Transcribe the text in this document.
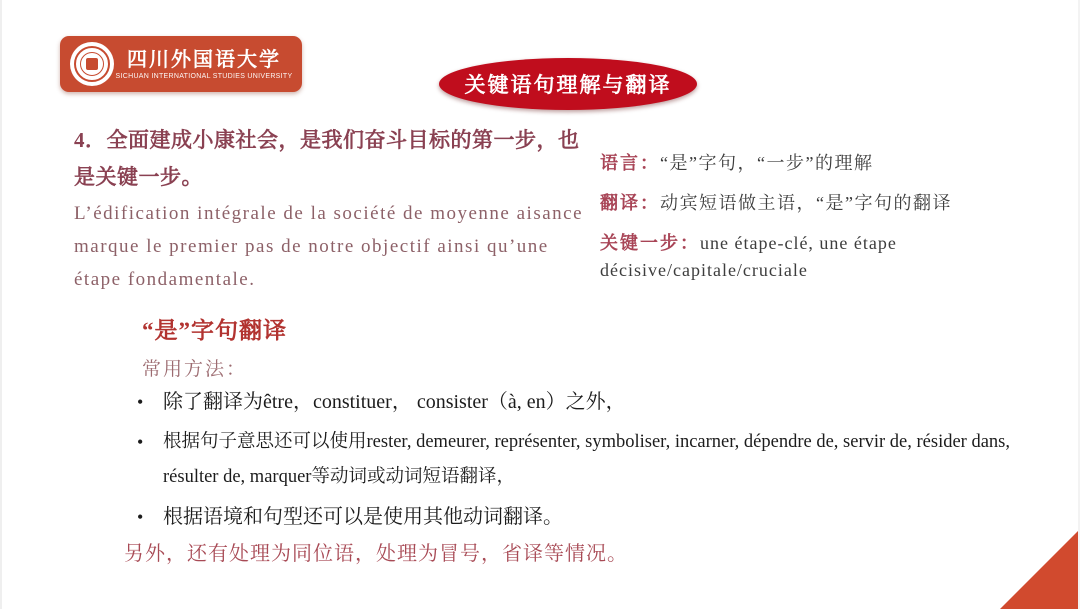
四川外国语大学
SICHUAN INTERNATIONAL STUDIES UNIVERSITY	关键语句理解与翻译
4．全面建成小康社会，是我们奋斗目标的第一步，也是关键一步。
L’édification intégrale de la société de moyenne aisance marque le premier pas de notre objectif ainsi qu’une étape fondamentale.
语言：“是”字句，“一步”的理解
翻译：动宾短语做主语，“是”字句的翻译
关键一步：une étape-clé, une étape décisive/capitale/cruciale
“是”字句翻译
常用方法：
• 除了翻译为être，constituer， consister（à, en）之外，
• 根据句子意思还可以使用rester, demeurer, représenter, symboliser, incarner, dépendre de, servir de, résider dans, résulter de, marquer等动词或动词短语翻译，
• 根据语境和句型还可以是使用其他动词翻译。
另外，还有处理为同位语，处理为冒号，省译等情况。
